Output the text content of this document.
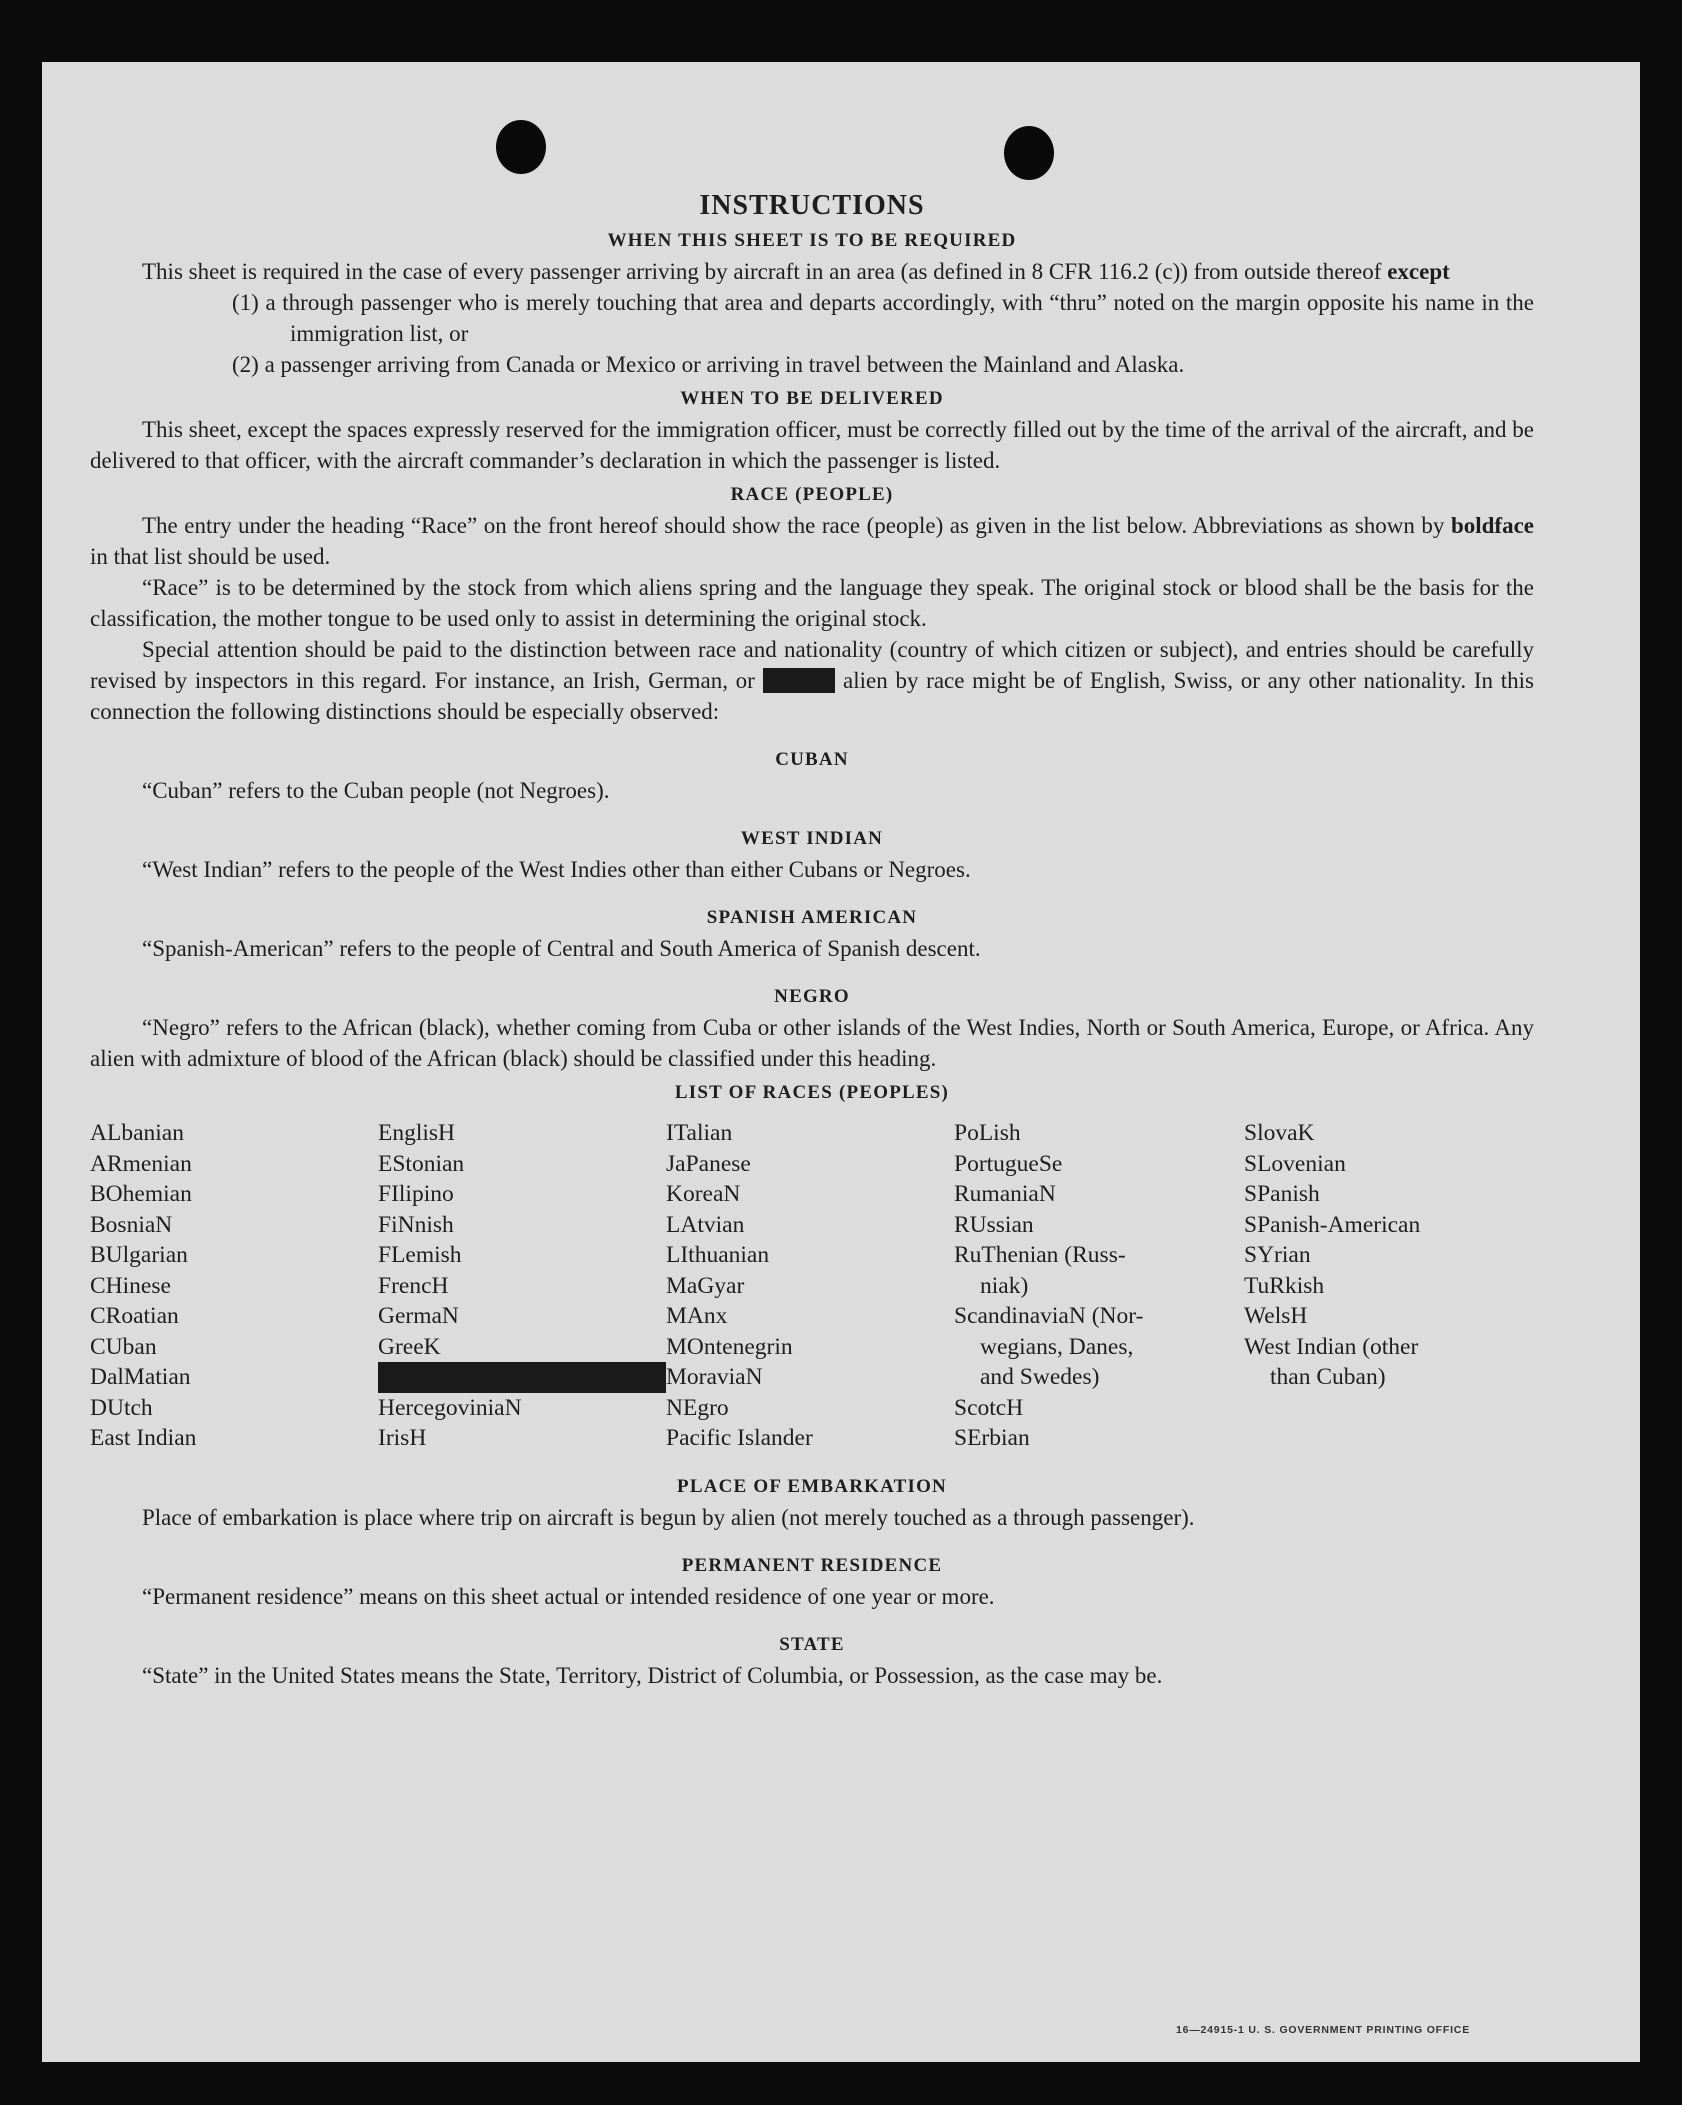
INSTRUCTIONS
WHEN THIS SHEET IS TO BE REQUIRED

This sheet is required in the case of every passenger arriving by aircraft in an area (as defined in 8 CFR 116.2 (c)) from outside thereof except

(1) a through passenger who is merely touching that area and departs accordingly, with “thru” noted on the margin opposite his name in the immigration list, or
(2) a passenger arriving from Canada or Mexico or arriving in travel between the Mainland and Alaska.
WHEN TO BE DELIVERED

This sheet, except the spaces expressly reserved for the immigration officer, must be correctly filled out by the time of the arrival of the aircraft, and be delivered to that officer, with the aircraft commander’s declaration in which the passenger is listed.

RACE (PEOPLE)

The entry under the heading “Race” on the front hereof should show the race (people) as given in the list below. Abbreviations as shown by boldface in that list should be used.

“Race” is to be determined by the stock from which aliens spring and the language they speak. The original stock or blood shall be the basis for the classification, the mother tongue to be used only to assist in determining the original stock.

Special attention should be paid to the distinction between race and nationality (country of which citizen or subject), and entries should be carefully revised by inspectors in this regard. For instance, an Irish, German, or Hebrew alien by race might be of English, Swiss, or any other nationality. In this connection the following distinctions should be especially observed:

CUBAN

“Cuban” refers to the Cuban people (not Negroes).

WEST INDIAN

“West Indian” refers to the people of the West Indies other than either Cubans or Negroes.

SPANISH AMERICAN

“Spanish-American” refers to the people of Central and South America of Spanish descent.

NEGRO

“Negro” refers to the African (black), whether coming from Cuba or other islands of the West Indies, North or South America, Europe, or Africa. Any alien with admixture of blood of the African (black) should be classified under this heading.

LIST OF RACES (PEOPLES)
ALbanian
ARmenian
BOhemian
BosniaN
BUlgarian
CHinese
CRoatian
CUban
DalMatian
DUtch
East Indian
EnglisH
EStonian
FIlipino
FiNnish
FLemish
FrencH
GermaN
GreeK
HEbrew
HercegoviniaN
IrisH
ITalian
JaPanese
KoreaN
LAtvian
LIthuanian
MaGyar
MAnx
MOntenegrin
MoraviaN
NEgro
Pacific Islander
PoLish
PortugueSe
RumaniaN
RUssian
RuThenian (Russ-
niak)
ScandinaviaN (Nor-
wegians, Danes,
and Swedes)
ScotcH
SErbian
SlovaK
SLovenian
SPanish
SPanish-American
SYrian
TuRkish
WelsH
West Indian (other
than Cuban)
PLACE OF EMBARKATION

Place of embarkation is place where trip on aircraft is begun by alien (not merely touched as a through passenger).

PERMANENT RESIDENCE

“Permanent residence” means on this sheet actual or intended residence of one year or more.

STATE

“State” in the United States means the State, Territory, District of Columbia, or Possession, as the case may be.

16—24915-1 U. S. GOVERNMENT PRINTING OFFICE
